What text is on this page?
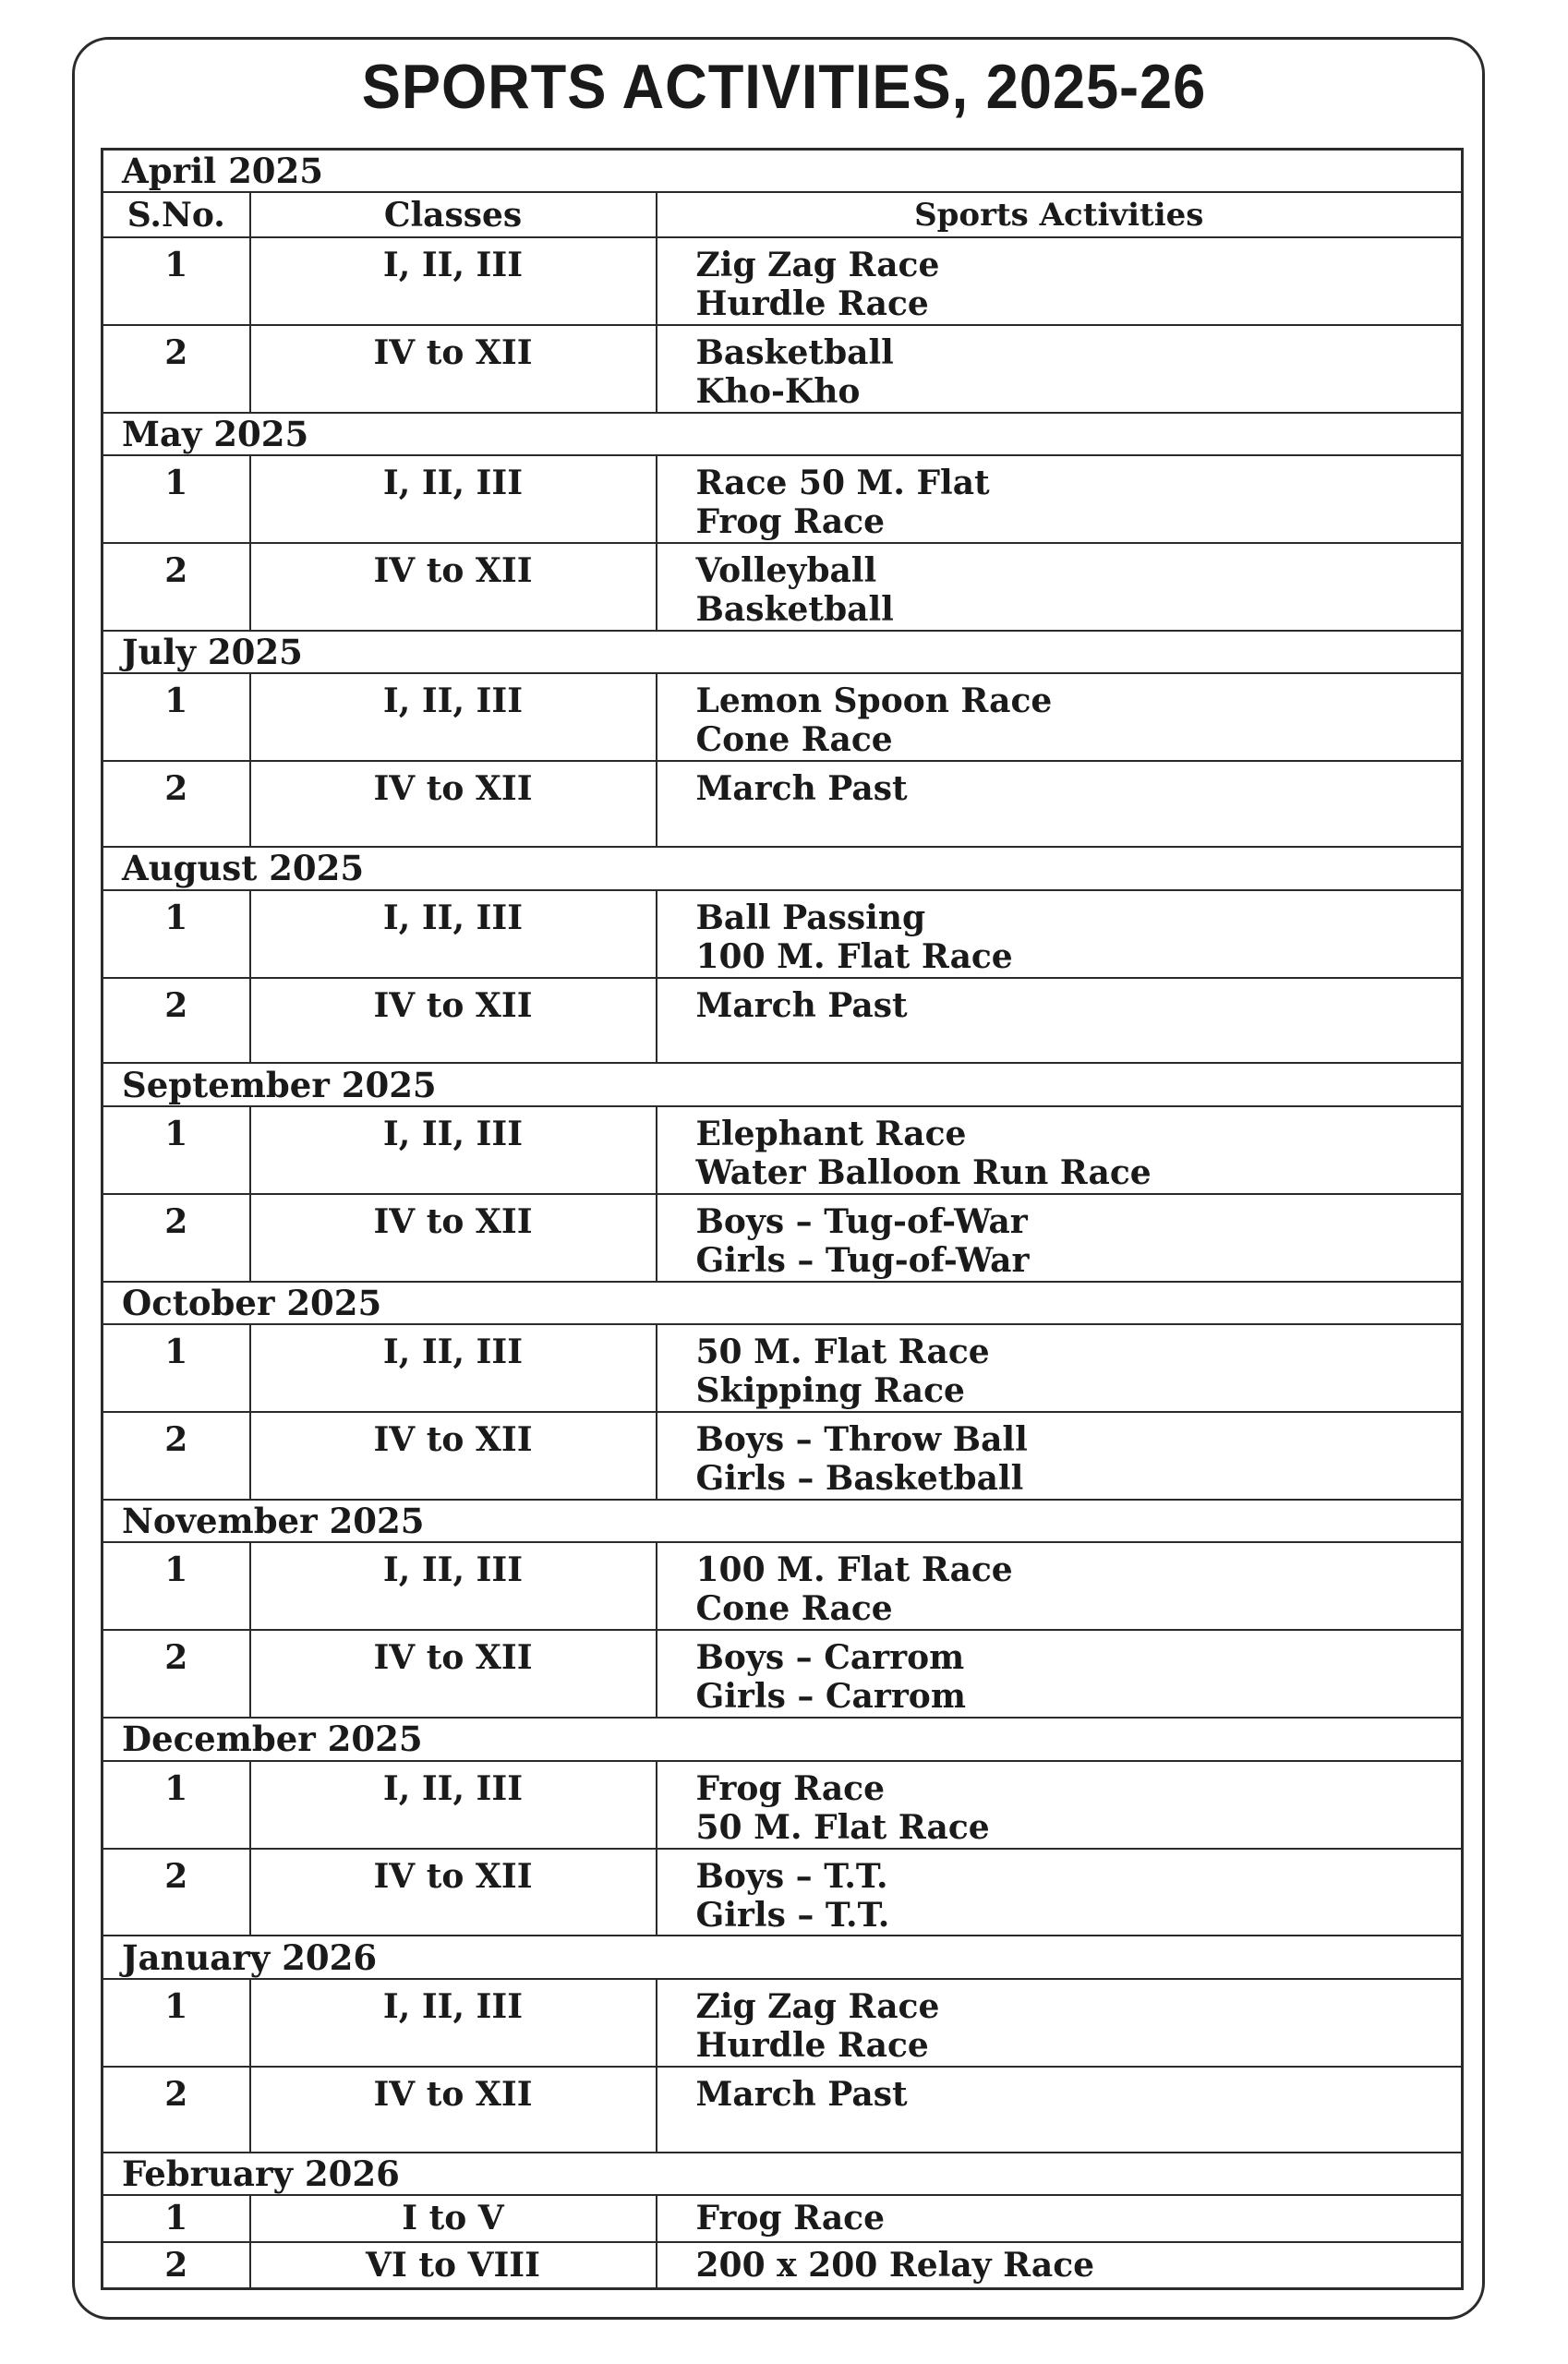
SPORTS ACTIVITIES, 2025-26
April 2025		
S.No.	Classes	Sports Activities
1	I, II, III	Zig Zag Race
Hurdle Race

2	IV to XII	Basketball
Kho-Kho

May 2025		
1	I, II, III	Race 50 M. Flat
Frog Race

2	IV to XII	Volleyball
Basketball

July 2025		
1	I, II, III	Lemon Spoon Race
Cone Race

2	IV to XII	March Past

August 2025		
1	I, II, III	Ball Passing
100 M. Flat Race

2	IV to XII	March Past

September 2025		
1	I, II, III	Elephant Race
Water Balloon Run Race

2	IV to XII	Boys – Tug-of-War
Girls – Tug-of-War

October 2025		
1	I, II, III	50 M. Flat Race
Skipping Race

2	IV to XII	Boys – Throw Ball
Girls – Basketball

November 2025		
1	I, II, III	100 M. Flat Race
Cone Race

2	IV to XII	Boys – Carrom
Girls – Carrom

December 2025		
1	I, II, III	Frog Race
50 M. Flat Race

2	IV to XII	Boys – T.T.
Girls – T.T.

January 2026		
1	I, II, III	Zig Zag Race
Hurdle Race

2	IV to XII	March Past

February 2026		
1	I to V	Frog Race

2	VI to VIII	200 x 200 Relay Race
